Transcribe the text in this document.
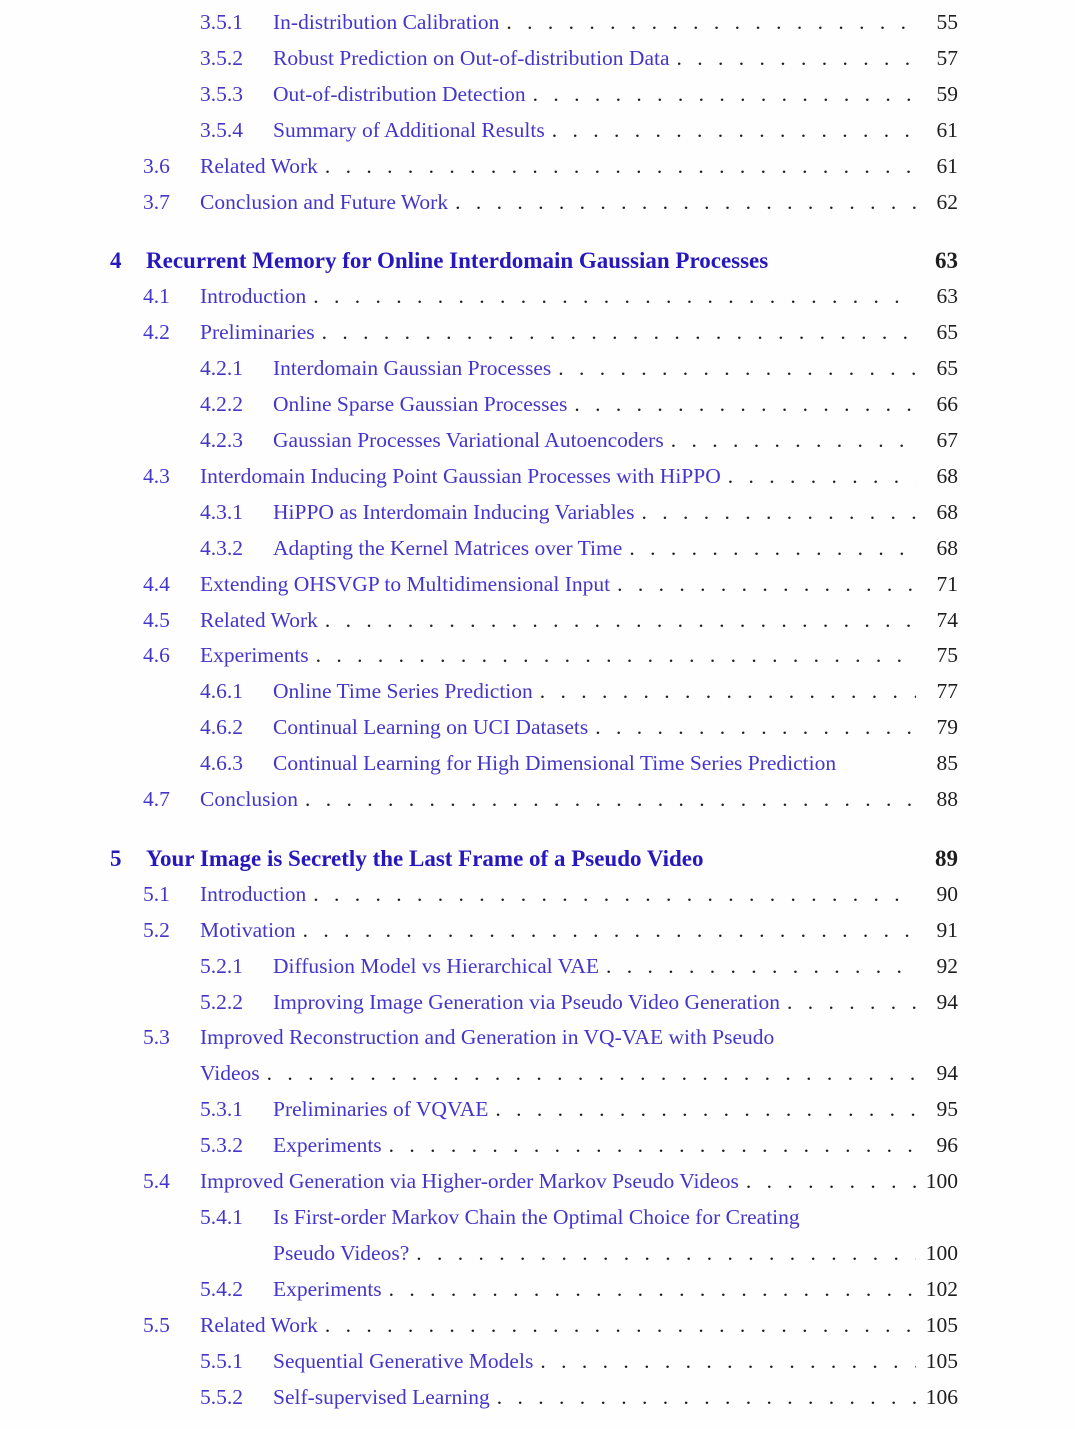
3.5.1	In-distribution Calibration . . .	55
3.5.2	Robust Prediction on Out-of-distribution Data . . .	57
3.5.3	Out-of-distribution Detection . . .	59
3.5.4	Summary of Additional Results . . .	61
3.6	Related Work . . .	61
3.7	Conclusion and Future Work . . .	62
4	Recurrent Memory for Online Interdomain Gaussian Processes	63
4.1	Introduction . . .	63
4.2	Preliminaries . . .	65
4.2.1	Interdomain Gaussian Processes . . .	65
4.2.2	Online Sparse Gaussian Processes . . .	66
4.2.3	Gaussian Processes Variational Autoencoders . . .	67
4.3	Interdomain Inducing Point Gaussian Processes with HiPPO . . .	68
4.3.1	HiPPO as Interdomain Inducing Variables . . .	68
4.3.2	Adapting the Kernel Matrices over Time . . .	68
4.4	Extending OHSVGP to Multidimensional Input . . .	71
4.5	Related Work . . .	74
4.6	Experiments . . .	75
4.6.1	Online Time Series Prediction . . .	77
4.6.2	Continual Learning on UCI Datasets . . .	79
4.6.3	Continual Learning for High Dimensional Time Series Prediction	85
4.7	Conclusion . . .	88
5	Your Image is Secretly the Last Frame of a Pseudo Video	89
5.1	Introduction . . .	90
5.2	Motivation . . .	91
5.2.1	Diffusion Model vs Hierarchical VAE . . .	92
5.2.2	Improving Image Generation via Pseudo Video Generation . . .	94
5.3	Improved Reconstruction and Generation in VQ-VAE with Pseudo
Videos . . .	94
5.3.1	Preliminaries of VQVAE . . .	95
5.3.2	Experiments . . .	96
5.4	Improved Generation via Higher-order Markov Pseudo Videos . . .	100
5.4.1	Is First-order Markov Chain the Optimal Choice for Creating
Pseudo Videos? . . .	100
5.4.2	Experiments . . .	102
5.5	Related Work . . .	105
5.5.1	Sequential Generative Models . . .	105
5.5.2	Self-supervised Learning . . .	106
